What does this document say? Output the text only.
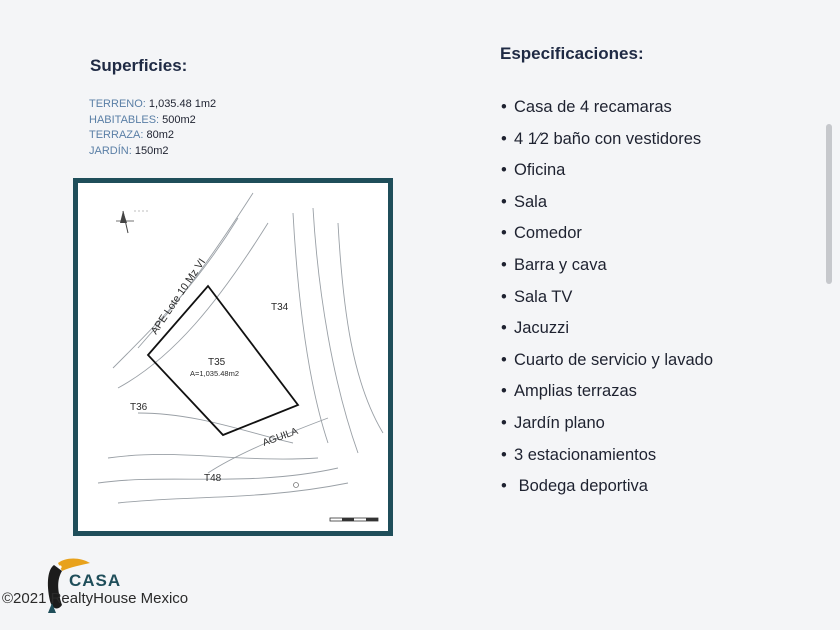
Superficies:
TERRENO: 1,035.48 1m2
HABITABLES: 500m2
TERRAZA: 80m2
JARDÍN: 150m2
APE Lote 10 Mz VI
AGUILA
T35
A=1,035.48m2
T34
T36
T48
Especificaciones:
• Casa de 4 recamaras
• 4 1⁄2 baño con vestidores
• Oficina
• Sala
• Comedor
• Barra y cava
• Sala TV
• Jacuzzi
• Cuarto de servicio y lavado
• Amplias terrazas
• Jardín plano
• 3 estacionamientos
• Bodega deportiva
CASA
©2021 RealtyHouse Mexico
